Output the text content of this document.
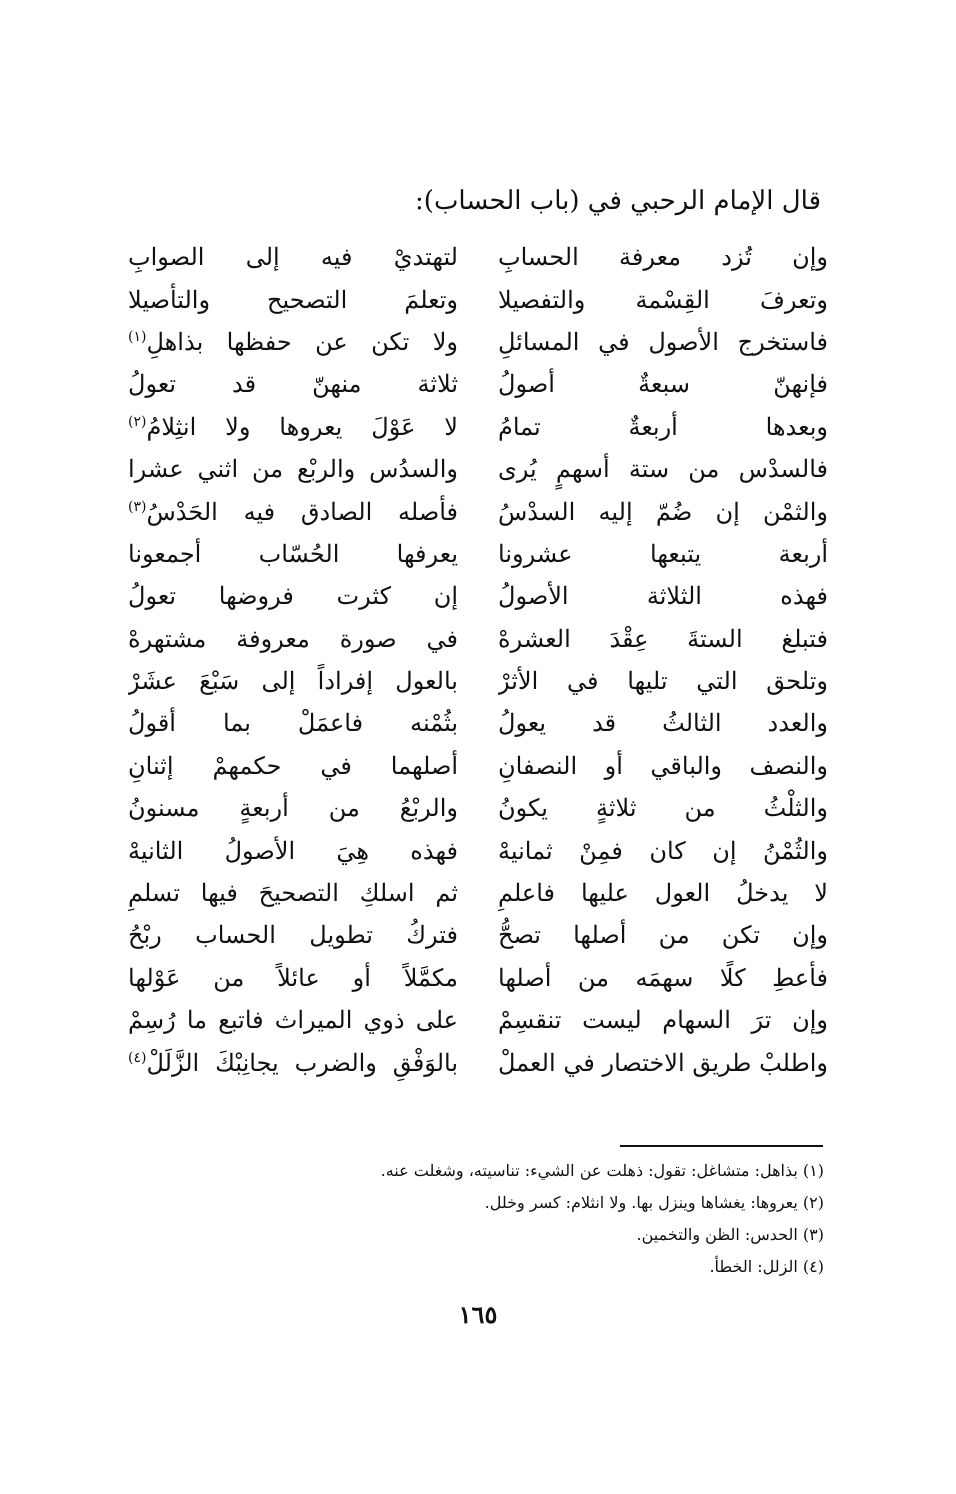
قال الإمام الرحبي في (باب الحساب):
وإن تُزد معرفة الحسابِ
لتهتديْ فيه إلى الصوابِ
وتعرفَ القِسْمة والتفصيلا
وتعلمَ التصحيح والتأصيلا
فاستخرج الأصول في المسائلِ
ولا تكن عن حفظها بذاهلِ$^{(١)}$
فإنهنّ سبعةٌ أصولُ
ثلاثة منهنّ قد تعولُ
وبعدها أربعةٌ تمامُ
لا عَوْلَ يعروها ولا انثِلامُ$^{(٢)}$
فالسدْس من ستة أسهمٍ يُرى
والسدُس والربْع من اثني عشرا
والثمْن إن ضُمّ إليه السدْسُ
فأصله الصادق فيه الحَدْسُ$^{(٣)}$
أربعة يتبعها عشرونا
يعرفها الحُسّاب أجمعونا
فهذه الثلاثة الأصولُ
إن كثرت فروضها تعولُ
فتبلغ الستةَ عِقْدَ العشرهْ
في صورة معروفة مشتهرهْ
وتلحق التي تليها في الأثرْ
بالعول إفراداً إلى سَبْعَ عشَرْ
والعدد الثالثُ قد يعولُ
بثُمْنه فاعمَلْ بما أقولُ
والنصف والباقي أو النصفانِ
أصلهما في حكمهمْ إثنانِ
والثلْثُ من ثلاثةٍ يكونُ
والربْعُ من أربعةٍ مسنونُ
والثُمْنُ إن كان فمِنْ ثمانيهْ
فهذه هِيَ الأصولُ الثانيهْ
لا يدخلُ العول عليها فاعلمِ
ثم اسلكِ التصحيحَ فيها تسلمِ
وإن تكن من أصلها تصحُّ
فتركُ تطويل الحساب ربْحُ
فأعطِ كلًا سهمَه من أصلها
مكمَّلاً أو عائلاً من عَوْلها
وإن ترَ السهام ليست تنقسِمْ
على ذوي الميراث فاتبع ما رُسِمْ
واطلبْ طريق الاختصار في العملْ
بالوَفْقِ والضرب يجانِبْكَ الزَّلَلْ$^{(٤)}$
(١) بذاهل: متشاغل: تقول: ذهلت عن الشيء: تناسيته، وشغلت عنه.
(٢) يعروها: يغشاها وينزل بها. ولا انثلام: كسر وخلل.
(٣) الحدس: الظن والتخمين.
(٤) الزلل: الخطأ.
١٦٥
